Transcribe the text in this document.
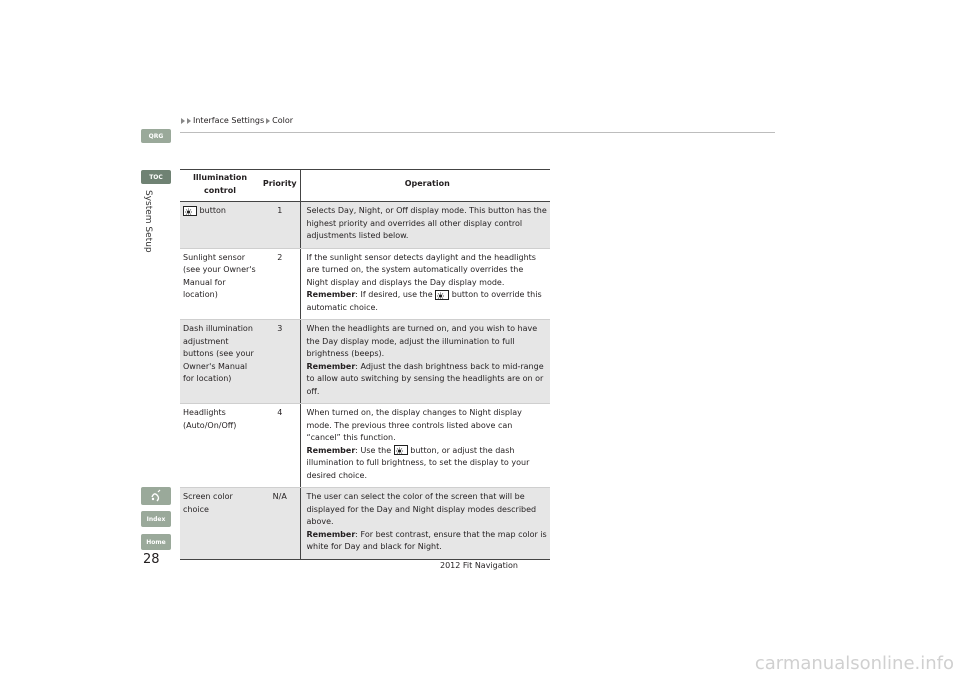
Interface Settings Color
QRG
TOC
System Setup
Index
Home
Illumination control	Priority	Operation

button	1	Selects Day, Night, or Off display mode. This button has the highest priority and overrides all other display control adjustments listed below.
Sunlight sensor (see your Owner's Manual for location)	2	If the sunlight sensor detects daylight and the headlights are turned on, the system automatically overrides the Night display and displays the Day display mode.
Remember: If desired, use the button to override this automatic choice.
Dash illumination adjustment buttons (see your Owner's Manual for location)	3	When the headlights are turned on, and you wish to have the Day display mode, adjust the illumination to full brightness (beeps).
Remember: Adjust the dash brightness back to mid-range to allow auto switching by sensing the headlights are on or off.
Headlights (Auto/On/Off)	4	When turned on, the display changes to Night display mode. The previous three controls listed above can “cancel” this function.
Remember: Use the button, or adjust the dash illumination to full brightness, to set the display to your desired choice.
Screen color choice	N/A	The user can select the color of the screen that will be displayed for the Day and Night display modes described above.
Remember: For best contrast, ensure that the map color is white for Day and black for Night.
28	2012 Fit Navigation
carmanualsonline.info
